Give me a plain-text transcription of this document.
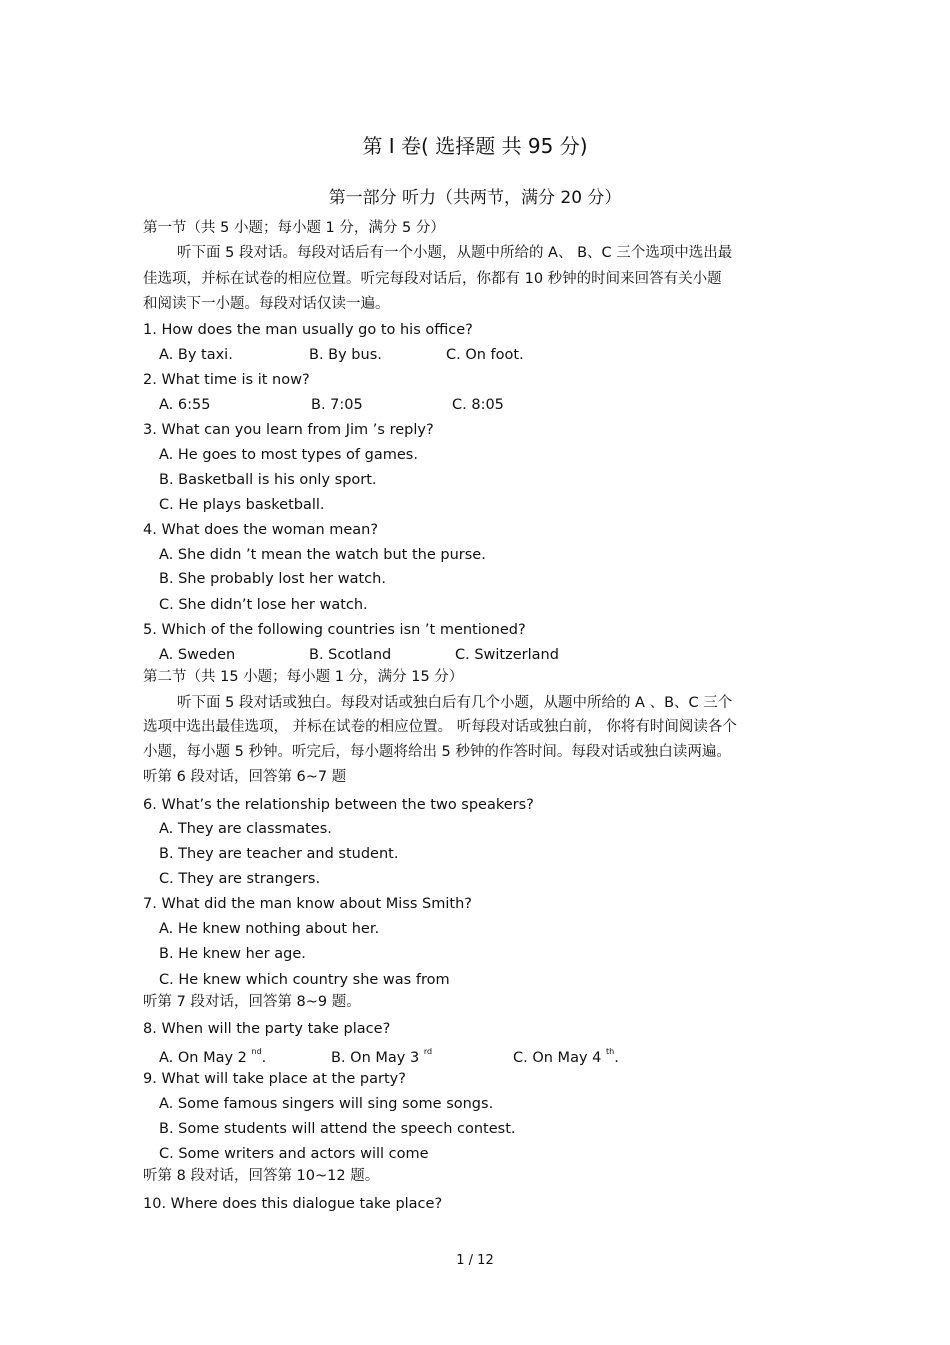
第 I 卷( 选择题 共 95 分)
第一部分 听力（共两节，满分 20 分）
第一节（共 5 小题；每小题 1 分，满分 5 分）
听下面 5 段对话。每段对话后有一个小题，从题中所给的 A、 B、C 三个选项中选出最
佳选项，并标在试卷的相应位置。听完每段对话后，你都有 10 秒钟的时间来回答有关小题
和阅读下一小题。每段对话仅读一遍。
1. How does the man usually go to his office?
A. By taxi.	B. By bus.	C. On foot.
2. What time is it now?
A. 6:55	B. 7:05	C. 8:05
3. What can you learn from Jim ’s reply?
A. He goes to most types of games.
B. Basketball is his only sport.
C. He plays basketball.
4. What does the woman mean?
A. She didn ’t mean the watch but the purse.
B. She probably lost her watch.
C. She didn’t lose her watch.
5. Which of the following countries isn ’t mentioned?
A. Sweden	B. Scotland	C. Switzerland
第二节（共 15 小题；每小题 1 分，满分 15 分）
听下面 5 段对话或独白。每段对话或独白后有几个小题，从题中所给的 A 、B、C 三个
选项中选出最佳选项， 并标在试卷的相应位置。 听每段对话或独白前， 你将有时间阅读各个
小题，每小题 5 秒钟。听完后，每小题将给出 5 秒钟的作答时间。每段对话或独白读两遍。
听第 6 段对话，回答第 6~7 题
6. What’s the relationship between the two speakers?
A. They are classmates.
B. They are teacher and student.
C. They are strangers.
7. What did the man know about Miss Smith?
A. He knew nothing about her.
B. He knew her age.
C. He knew which country she was from
听第 7 段对话，回答第 8~9 题。
8. When will the party take place?
A. On May 2 $^{nd}$.	B. On May 3 $^{rd}$	C. On May 4 $^{th}$.
9. What will take place at the party?
A. Some famous singers will sing some songs.
B. Some students will attend the speech contest.
C. Some writers and actors will come
听第 8 段对话，回答第 10~12 题。
10. Where does this dialogue take place?
1 / 12
